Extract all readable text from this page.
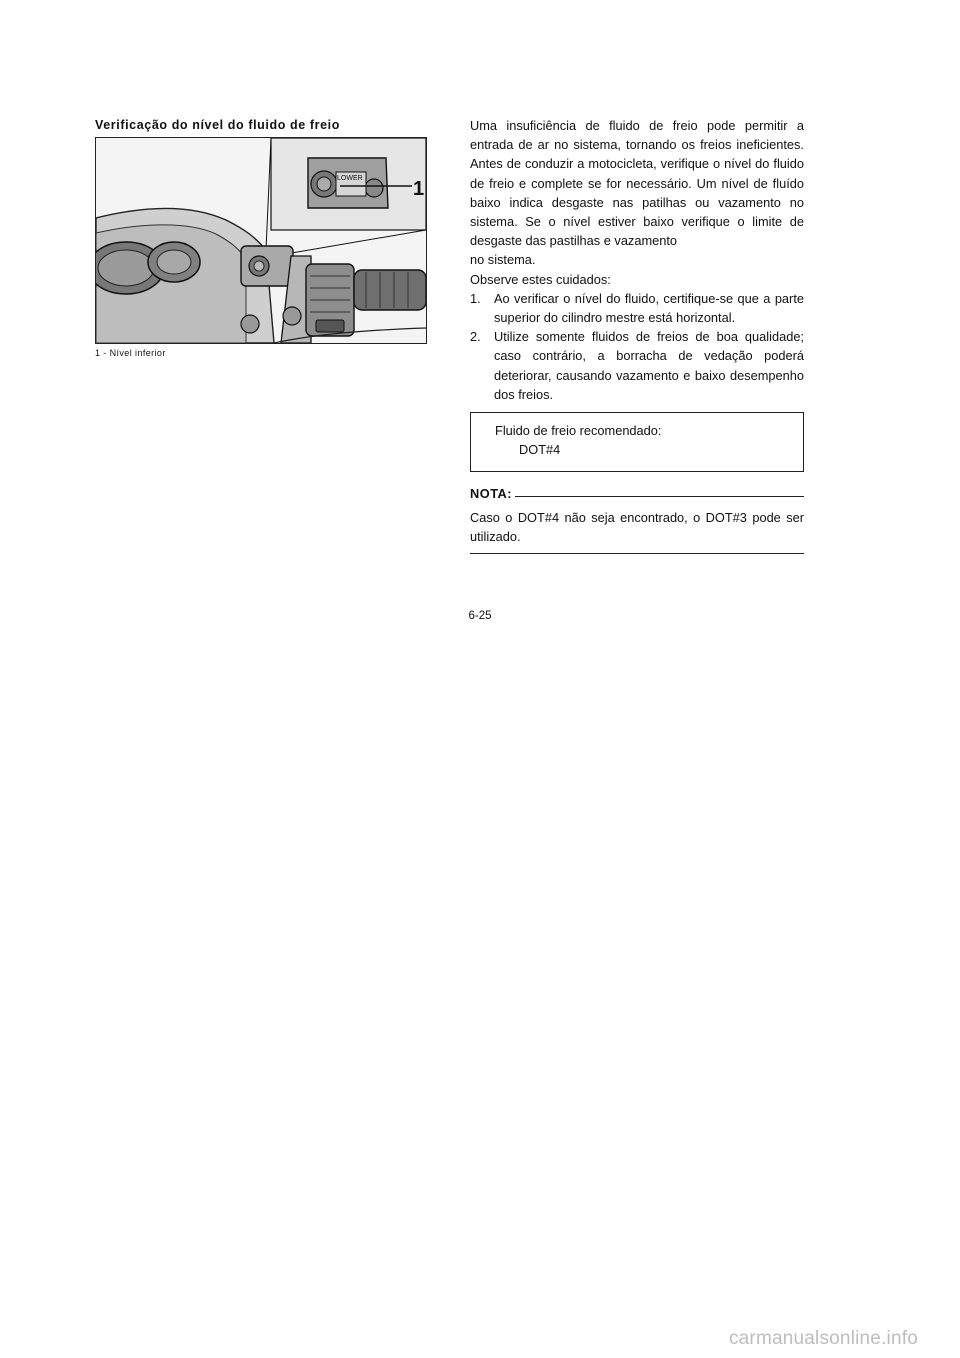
Verificação do nível do fluido de freio
LOWER	1
1 - Nível inferior

Uma insuficiência de fluido de freio pode permitir a entrada de ar no sistema, tornando os freios ineficientes. Antes de conduzir a motocicleta, verifique o nível do fluido de freio e complete se for necessário. Um nível de fluído baixo indica desgaste nas patilhas ou vazamento no sistema. Se o nível estiver baixo verifique o limite de desgaste das pastilhas e vazamento

no sistema.

Observe estes cuidados:

1. Ao verificar o nível do fluido, certifique-se que a parte superior do cilindro mestre está horizontal.
2. Utilize somente fluidos de freios de boa qualidade; caso contrário, a borracha de vedação poderá deteriorar, causando vazamento e baixo desempenho dos freios.
Fluido de freio recomendado:
DOT#4
NOTA:

Caso o DOT#4 não seja encontrado, o DOT#3 pode ser utilizado.

6-25
carmanualsonline.info
